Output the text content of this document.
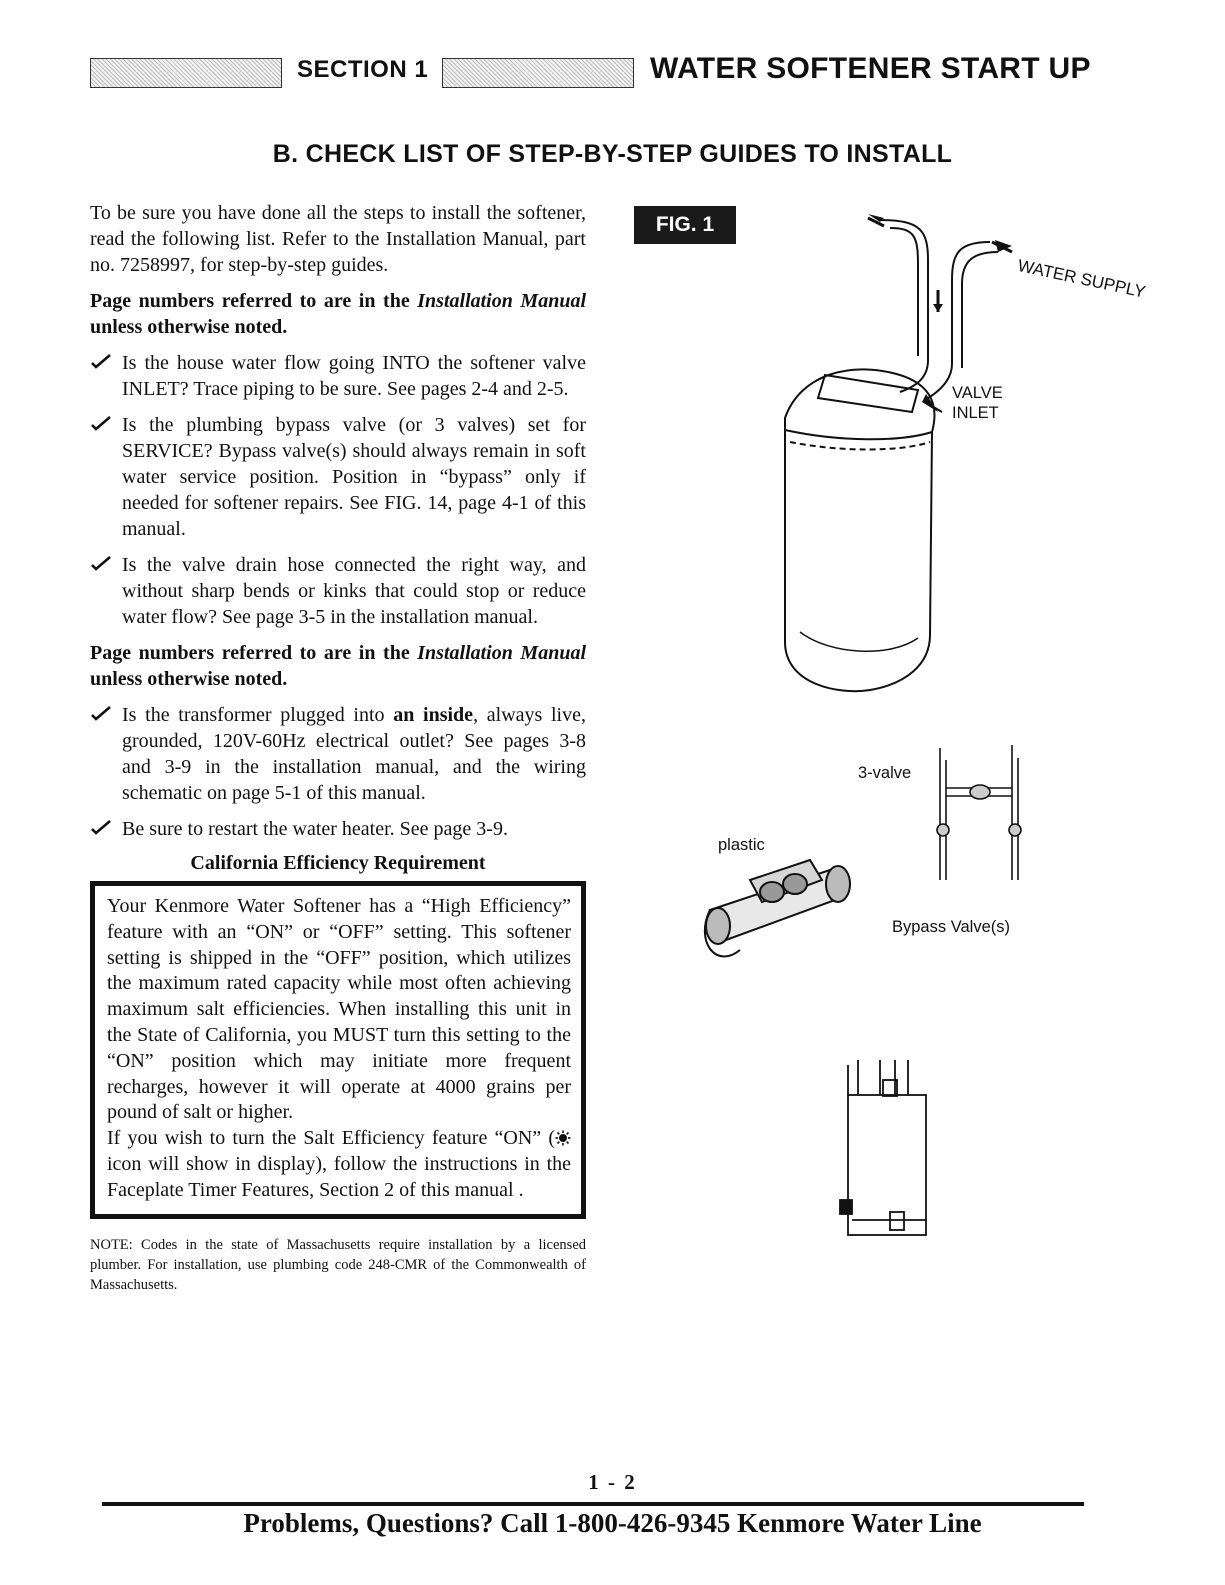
SECTION 1	WATER SOFTENER START UP
B. CHECK LIST OF STEP-BY-STEP GUIDES TO INSTALL

To be sure you have done all the steps to install the softener, read the following list. Refer to the Installation Manual, part no. 7258997, for step-by-step guides.

Page numbers referred to are in the Installation Manual unless otherwise noted.

Is the house water flow going INTO the softener valve INLET? Trace piping to be sure. See pages 2-4 and 2-5.
Is the plumbing bypass valve (or 3 valves) set for SERVICE? Bypass valve(s) should always remain in soft water service position. Position in “bypass” only if needed for softener repairs. See FIG. 14, page 4-1 of this manual.
Is the valve drain hose connected the right way, and without sharp bends or kinks that could stop or reduce water flow? See page 3-5 in the installation manual.

Page numbers referred to are in the Installation Manual unless otherwise noted.

Is the transformer plugged into an inside, always live, grounded, 120V-60Hz electrical outlet? See pages 3-8 and 3-9 in the installation manual, and the wiring schematic on page 5-1 of this manual.
Be sure to restart the water heater. See page 3-9.
California Efficiency Requirement

Your Kenmore Water Softener has a “High Efficiency” feature with an “ON” or “OFF” setting. This softener setting is shipped in the “OFF” position, which utilizes the maximum rated capacity while most often achieving maximum salt efficiencies. When installing this unit in the State of California, you MUST turn this setting to the “ON” position which may initiate more frequent recharges, however it will operate at 4000 grains per pound of salt or higher.

If you wish to turn the Salt Efficiency feature “ON” ( icon will show in display), follow the instructions in the Faceplate Timer Features, Section 2 of this manual .

NOTE: Codes in the state of Massachusetts require installation by a licensed plumber. For installation, use plumbing code 248-CMR of the Commonwealth of Massachusetts.
1 - 2
Problems, Questions? Call 1-800-426-9345 Kenmore Water Line
FIG. 1
WATER SUPPLY
VALVE
INLET
3-valve
plastic
Bypass Valve(s)
